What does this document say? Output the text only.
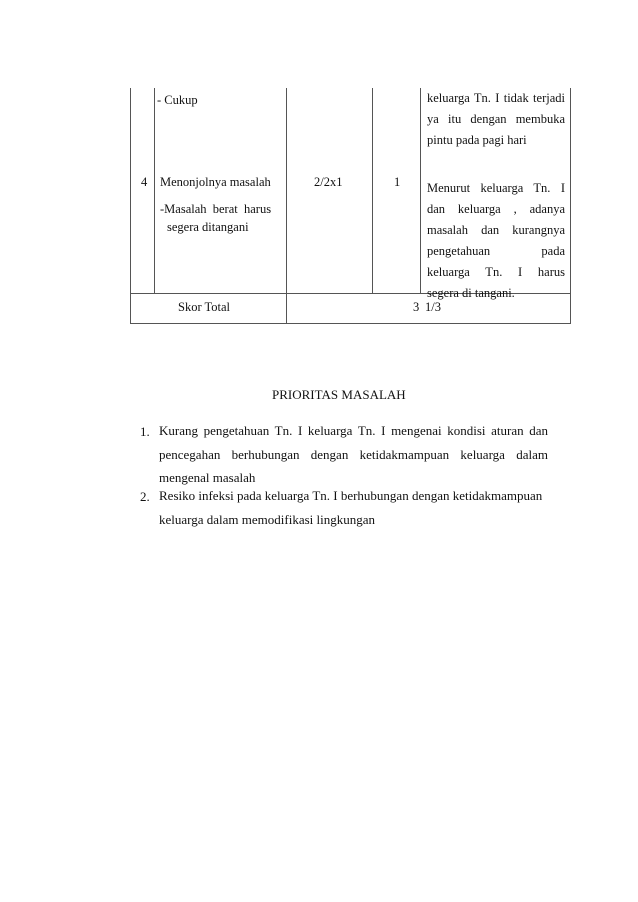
4
- Cukup
Menonjolnya masalah
-Masalah  berat  harus
segera ditangani
2/2x1	1
keluarga Tn. I tidak terjadi
ya itu dengan membuka
pintu pada pagi hari
Menurut keluarga Tn. I
dan keluarga , adanya
masalah dan kurangnya
pengetahuan pada
keluarga Tn. I harus
segera di tangani.
Skor Total	3 1/3
PRIORITAS MASALAH
1. Kurang pengetahuan Tn. I keluarga Tn. I mengenai kondisi aturan dan
pencegahan berhubungan dengan ketidakmampuan keluarga dalam
mengenal masalah
2. Resiko infeksi pada keluarga Tn. I berhubungan dengan ketidakmampuan
keluarga dalam memodifikasi lingkungan
